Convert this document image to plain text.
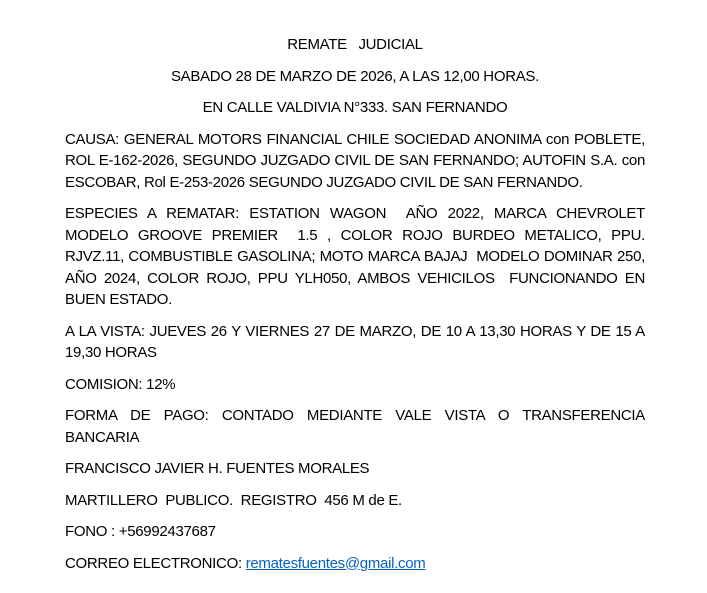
REMATE   JUDICIAL

SABADO 28 DE MARZO DE 2026, A LAS 12,00 HORAS.

EN CALLE VALDIVIA N°333. SAN FERNANDO

CAUSA: GENERAL MOTORS FINANCIAL CHILE SOCIEDAD ANONIMA con POBLETE, ROL E-162-2026, SEGUNDO JUZGADO CIVIL DE SAN FERNANDO; AUTOFIN S.A. con ESCOBAR, Rol E-253-2026 SEGUNDO JUZGADO CIVIL DE SAN FERNANDO.

ESPECIES A REMATAR: ESTATION WAGON  AÑO 2022, MARCA CHEVROLET  MODELO GROOVE PREMIER  1.5 , COLOR ROJO BURDEO METALICO, PPU. RJVZ.11, COMBUSTIBLE GASOLINA; MOTO MARCA BAJAJ  MODELO DOMINAR 250, AÑO 2024, COLOR ROJO, PPU YLH050, AMBOS VEHICILOS  FUNCIONANDO EN  BUEN ESTADO.

A LA VISTA: JUEVES 26 Y VIERNES 27 DE MARZO, DE 10 A 13,30 HORAS Y DE 15 A 19,30 HORAS

COMISION: 12%

FORMA DE PAGO: CONTADO MEDIANTE VALE VISTA O TRANSFERENCIA BANCARIA

FRANCISCO JAVIER H. FUENTES MORALES

MARTILLERO  PUBLICO.  REGISTRO  456 M de E.

FONO : +56992437687

CORREO ELECTRONICO: rematesfuentes@gmail.com
